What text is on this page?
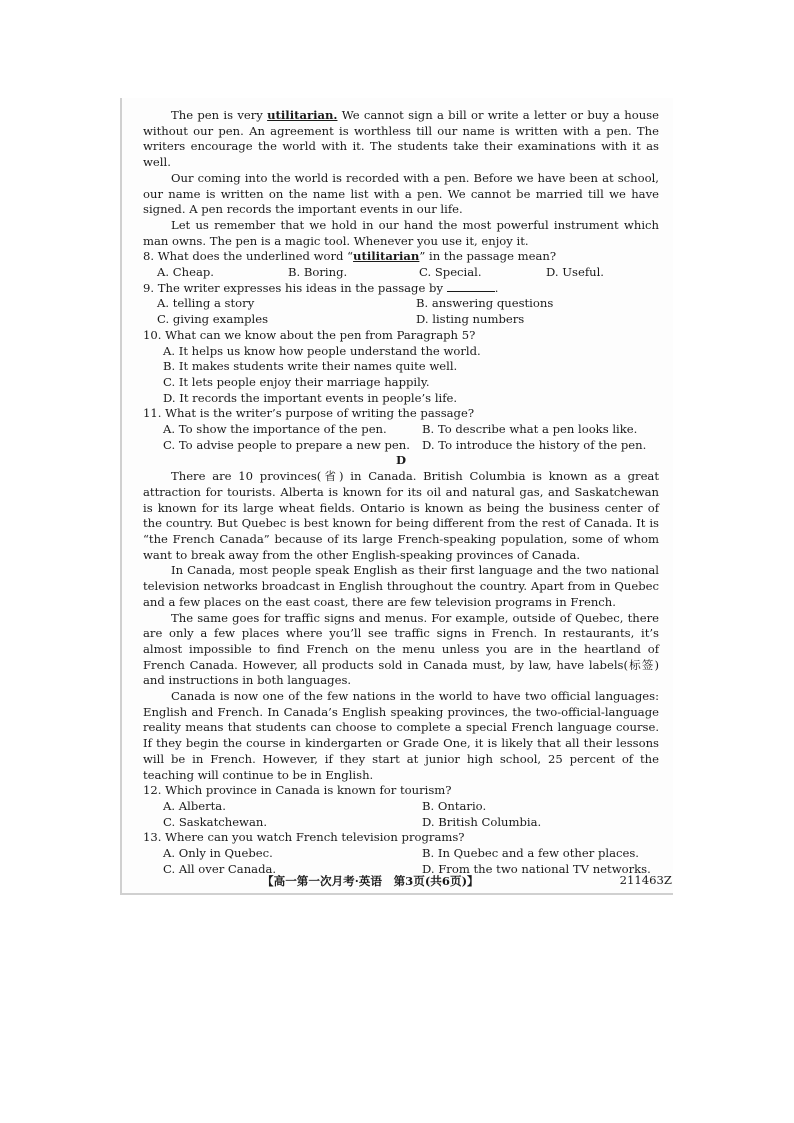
The pen is very utilitarian. We cannot sign a bill or write a letter or buy a house without our pen. An agreement is worthless till our name is written with a pen. The writers encourage the world with it. The students take their examinations with it as well.

Our coming into the world is recorded with a pen. Before we have been at school, our name is written on the name list with a pen. We cannot be married till we have signed. A pen records the important events in our life.

Let us remember that we hold in our hand the most powerful instrument which man owns. The pen is a magic tool. Whenever you use it, enjoy it.

8. What does the underlined word “utilitarian” in the passage mean?

A. Cheap.	B. Boring.	C. Special.	D. Useful.

9. The writer expresses his ideas in the passage by	.

A. telling a story	B. answering questions
C. giving examples	D. listing numbers

10. What can we know about the pen from Paragraph 5?

A. It helps us know how people understand the world.
B. It makes students write their names quite well.
C. It lets people enjoy their marriage happily.
D. It records the important events in people’s life.

11. What is the writer’s purpose of writing the passage?

A. To show the importance of the pen.	B. To describe what a pen looks like.
C. To advise people to prepare a new pen.	D. To introduce the history of the pen.

D

There are 10 provinces(省) in Canada. British Columbia is known as a great attraction for tourists. Alberta is known for its oil and natural gas, and Saskatchewan is known for its large wheat fields. Ontario is known as being the business center of the country. But Quebec is best known for being different from the rest of Canada. It is “the French Canada” because of its large French-speaking population, some of whom want to break away from the other English-speaking provinces of Canada.

In Canada, most people speak English as their first language and the two national television networks broadcast in English throughout the country. Apart from in Quebec and a few places on the east coast, there are few television programs in French.

The same goes for traffic signs and menus. For example, outside of Quebec, there are only a few places where you’ll see traffic signs in French. In restaurants, it’s almost impossible to find French on the menu unless you are in the heartland of French Canada. However, all products sold in Canada must, by law, have labels(标签) and instructions in both languages.

Canada is now one of the few nations in the world to have two official languages: English and French. In Canada’s English speaking provinces, the two-official-language reality means that students can choose to complete a special French language course. If they begin the course in kindergarten or Grade One, it is likely that all their lessons will be in French. However, if they start at junior high school, 25 percent of the teaching will continue to be in English.

12. Which province in Canada is known for tourism?

A. Alberta.	B. Ontario.
C. Saskatchewan.	D. British Columbia.

13. Where can you watch French television programs?

A. Only in Quebec.	B. In Quebec and a few other places.
C. All over Canada.	D. From the two national TV networks.
【高一第一次月考·英语　第3页(共6页)】	211463Z
